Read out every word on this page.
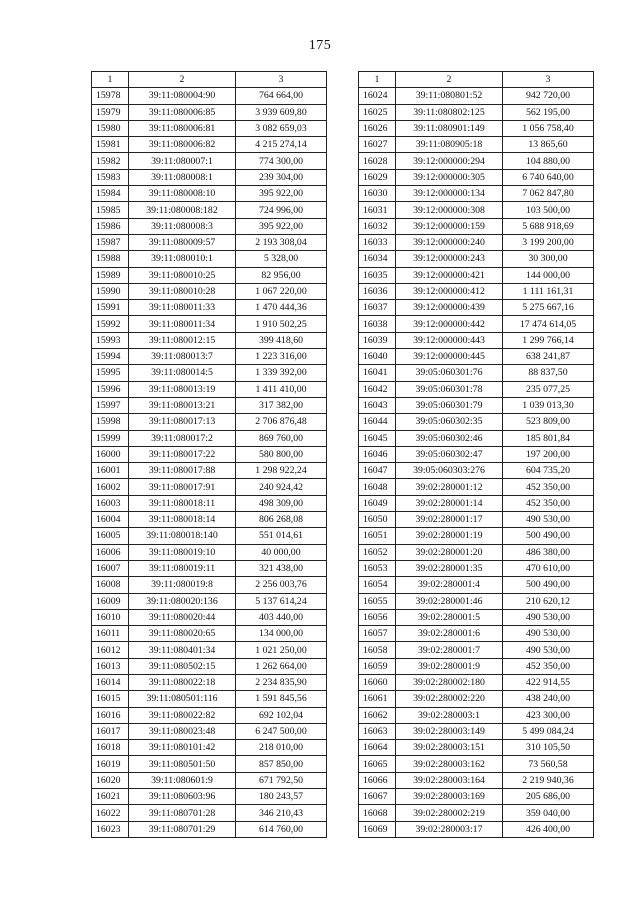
175
1	2	3
15978	39:11:080004:90	764 664,00
15979	39:11:080006:85	3 939 609,80
15980	39:11:080006:81	3 082 659,03
15981	39:11:080006:82	4 215 274,14
15982	39:11:080007:1	774 300,00
15983	39:11:080008:1	239 304,00
15984	39:11:080008:10	395 922,00
15985	39:11:080008:182	724 996,00
15986	39:11:080008:3	395 922,00
15987	39:11:080009:57	2 193 308,04
15988	39:11:080010:1	5 328,00
15989	39:11:080010:25	82 956,00
15990	39:11:080010:28	1 067 220,00
15991	39:11:080011:33	1 470 444,36
15992	39:11:080011:34	1 910 502,25
15993	39:11:080012:15	399 418,60
15994	39:11:080013:7	1 223 316,00
15995	39:11:080014:5	1 339 392,00
15996	39:11:080013:19	1 411 410,00
15997	39:11:080013:21	317 382,00
15998	39:11:080017:13	2 706 876,48
15999	39:11:080017:2	869 760,00
16000	39:11:080017:22	580 800,00
16001	39:11:080017:88	1 298 922,24
16002	39:11:080017:91	240 924,42
16003	39:11:080018:11	498 309,00
16004	39:11:080018:14	806 268,08
16005	39:11:080018:140	551 014,61
16006	39:11:080019:10	40 000,00
16007	39:11:080019:11	321 438,00
16008	39:11:080019:8	2 256 003,76
16009	39:11:080020:136	5 137 614,24
16010	39:11:080020:44	403 440,00
16011	39:11:080020:65	134 000,00
16012	39:11:080401:34	1 021 250,00
16013	39:11:080502:15	1 262 664,00
16014	39:11:080022:18	2 234 835,90
16015	39:11:080501:116	1 591 845,56
16016	39:11:080022:82	692 102,04
16017	39:11:080023:48	6 247 500,00
16018	39:11:080101:42	218 010,00
16019	39:11:080501:50	857 850,00
16020	39:11:080601:9	671 792,50
16021	39:11:080603:96	180 243,57
16022	39:11:080701:28	346 210,43
16023	39:11:080701:29	614 760,00
1	2	3
16024	39:11:080801:52	942 720,00
16025	39:11:080802:125	562 195,00
16026	39:11:080901:149	1 056 758,40
16027	39:11:080905:18	13 865,60
16028	39:12:000000:294	104 880,00
16029	39:12:000000:305	6 740 640,00
16030	39:12:000000:134	7 062 847,80
16031	39:12:000000:308	103 500,00
16032	39:12:000000:159	5 688 918,69
16033	39:12:000000:240	3 199 200,00
16034	39:12:000000:243	30 300,00
16035	39:12:000000:421	144 000,00
16036	39:12:000000:412	1 111 161,31
16037	39:12:000000:439	5 275 667,16
16038	39:12:000000:442	17 474 614,05
16039	39:12:000000:443	1 299 766,14
16040	39:12:000000:445	638 241,87
16041	39:05:060301:76	88 837,50
16042	39:05:060301:78	235 077,25
16043	39:05:060301:79	1 039 013,30
16044	39:05:060302:35	523 809,00
16045	39:05:060302:46	185 801,84
16046	39:05:060302:47	197 200,00
16047	39:05:060303:276	604 735,20
16048	39:02:280001:12	452 350,00
16049	39:02:280001:14	452 350,00
16050	39:02:280001:17	490 530,00
16051	39:02:280001:19	500 490,00
16052	39:02:280001:20	486 380,00
16053	39:02:280001:35	470 610,00
16054	39:02:280001:4	500 490,00
16055	39:02:280001:46	210 620,12
16056	39:02:280001:5	490 530,00
16057	39:02:280001:6	490 530,00
16058	39:02:280001:7	490 530,00
16059	39:02:280001:9	452 350,00
16060	39:02:280002:180	422 914,55
16061	39:02:280002:220	438 240,00
16062	39:02:280003:1	423 300,00
16063	39:02:280003:149	5 499 084,24
16064	39:02:280003:151	310 105,50
16065	39:02:280003:162	73 560,58
16066	39:02:280003:164	2 219 940,36
16067	39:02:280003:169	205 686,00
16068	39:02:280002:219	359 040,00
16069	39:02:280003:17	426 400,00
